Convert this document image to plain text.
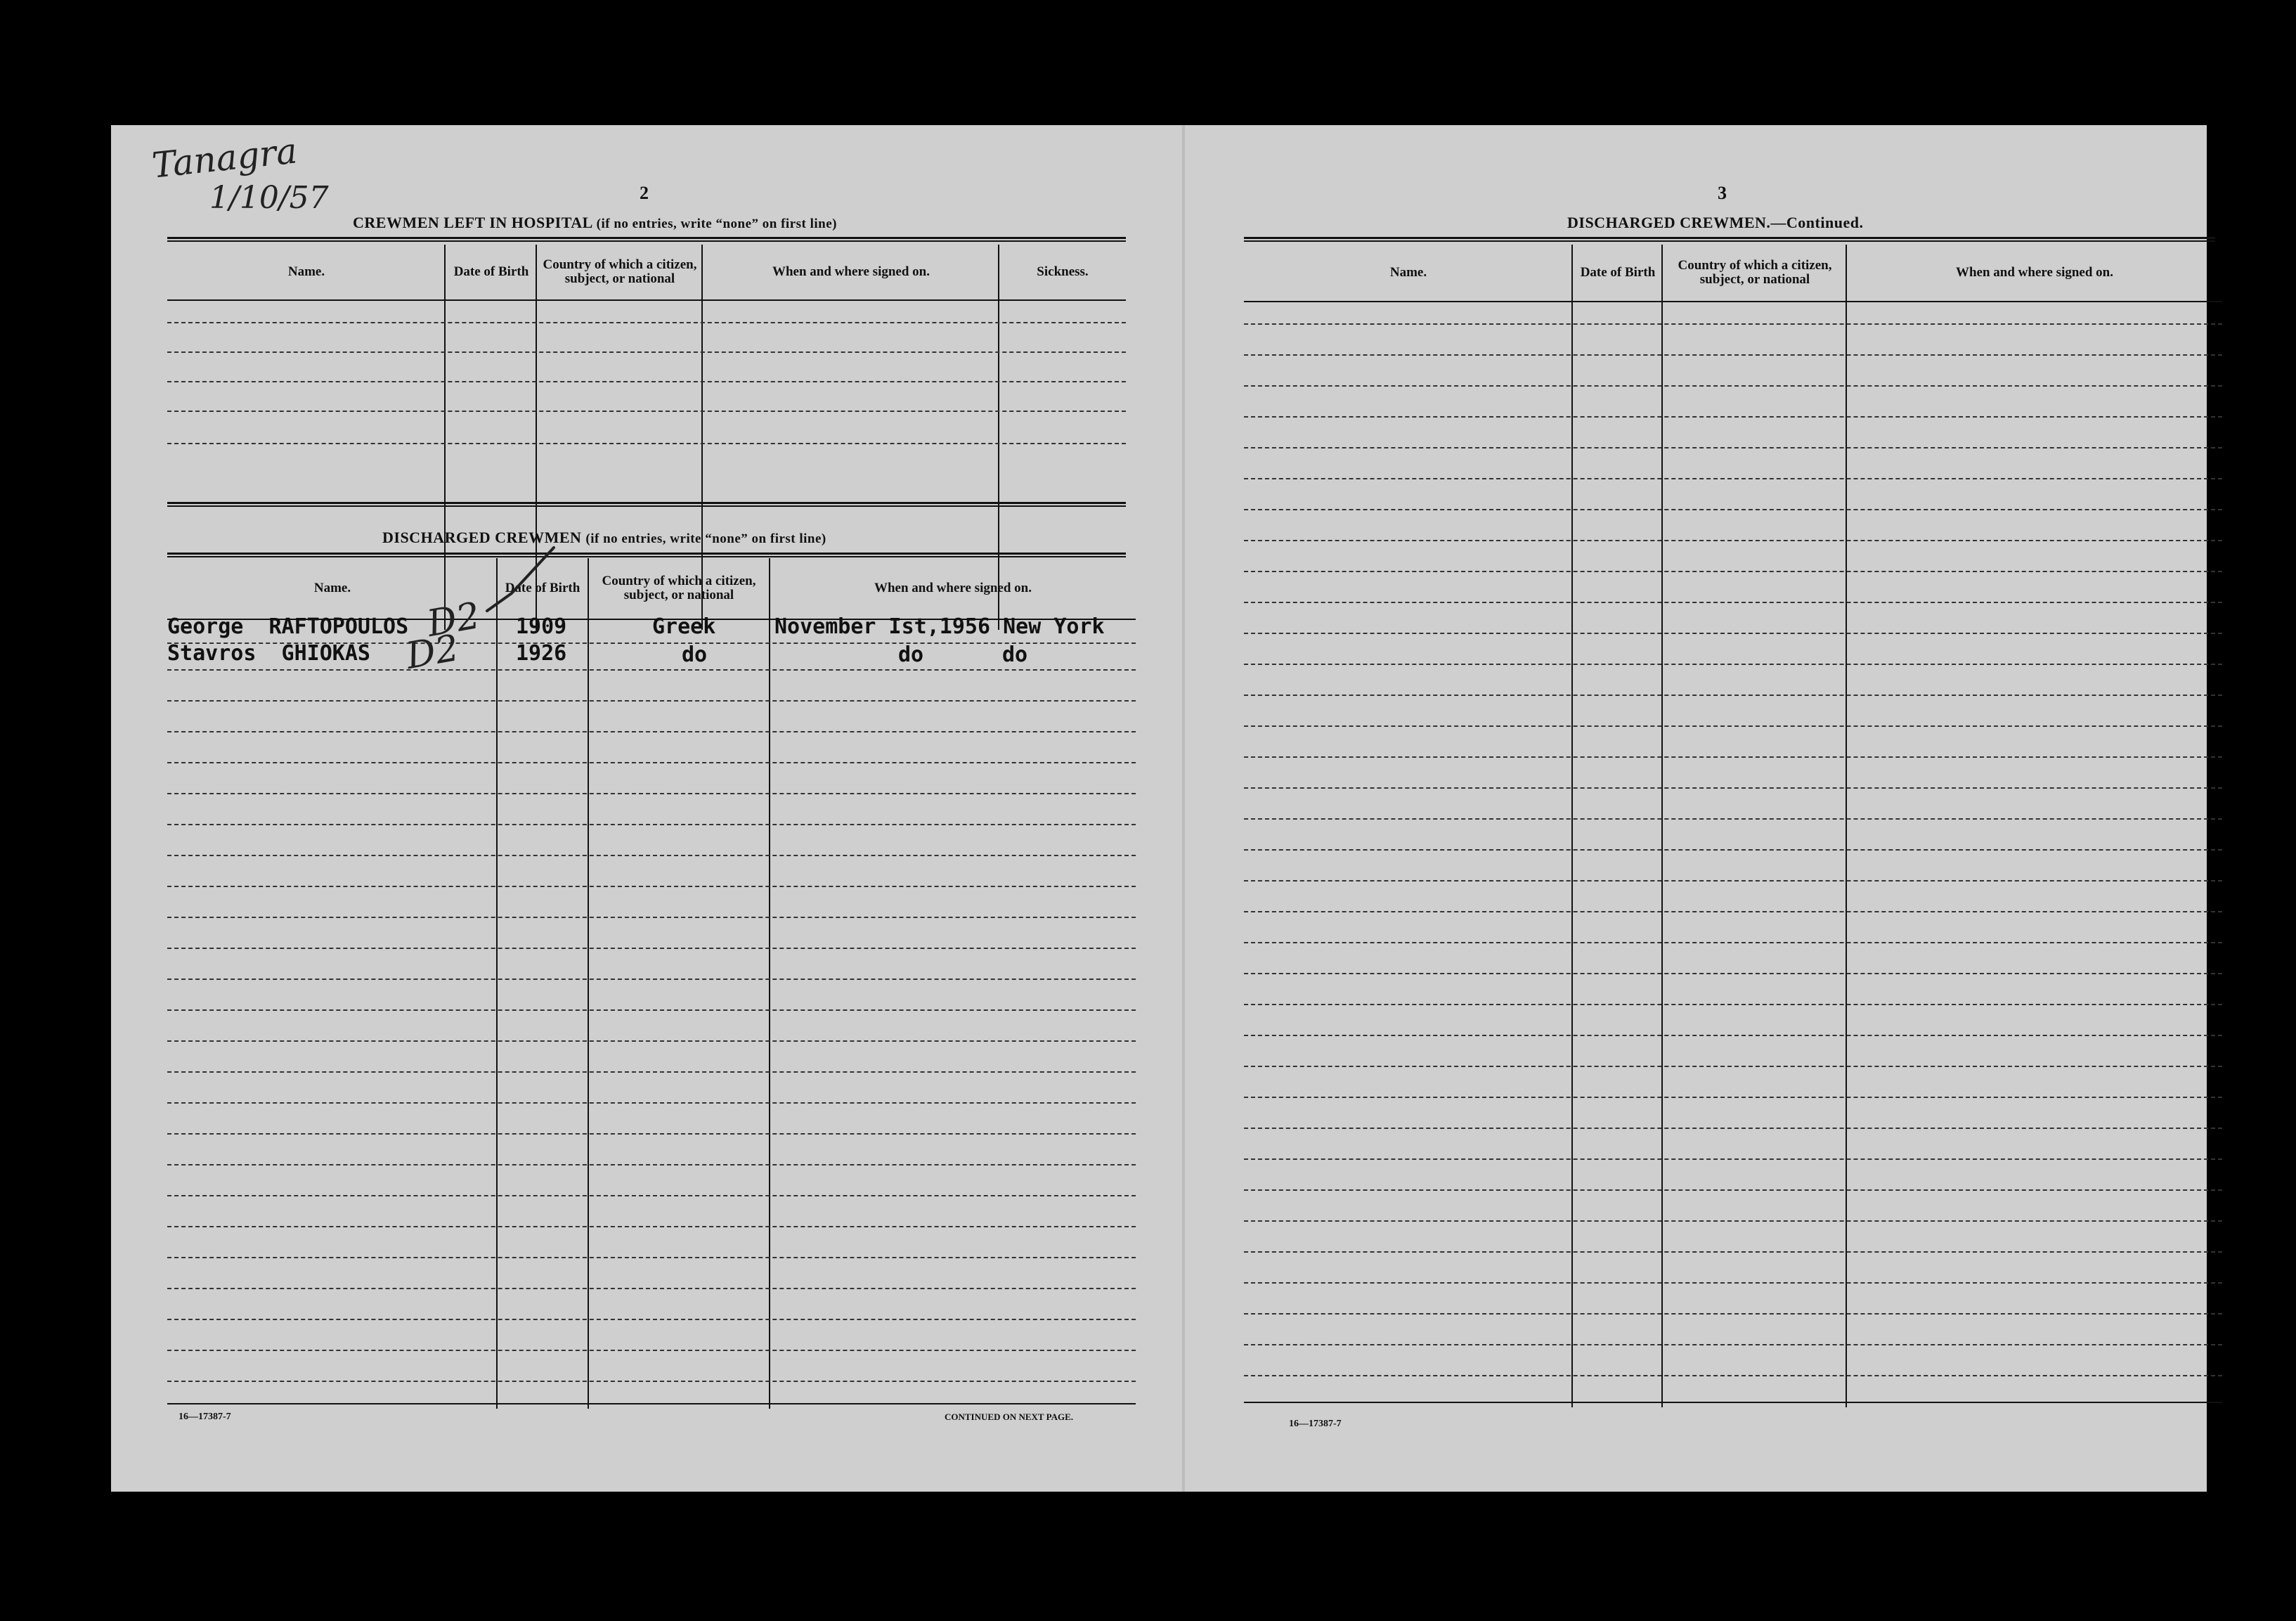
Tanagra
1/10/57	2
CREWMEN LEFT IN HOSPITAL (if no entries, write “none” on first line)
Name.	Date of Birth	Country of which a citizen, subject, or national	When and where signed on.	Sickness.
DISCHARGED CREWMEN (if no entries, write “none” on first line)
Name.	Date of Birth	Country of which a citizen, subject, or national	When and where signed on.
George  RAFTOPOULOS	1909	Greek	November Ist,1956 New York
D2
Stavros  GHIOKAS	1926	do	do	do
D2
16—17387-7	CONTINUED ON NEXT PAGE.
3
DISCHARGED CREWMEN.—Continued.
Name.	Date of Birth	Country of which a citizen, subject, or national	When and where signed on.
16—17387-7
